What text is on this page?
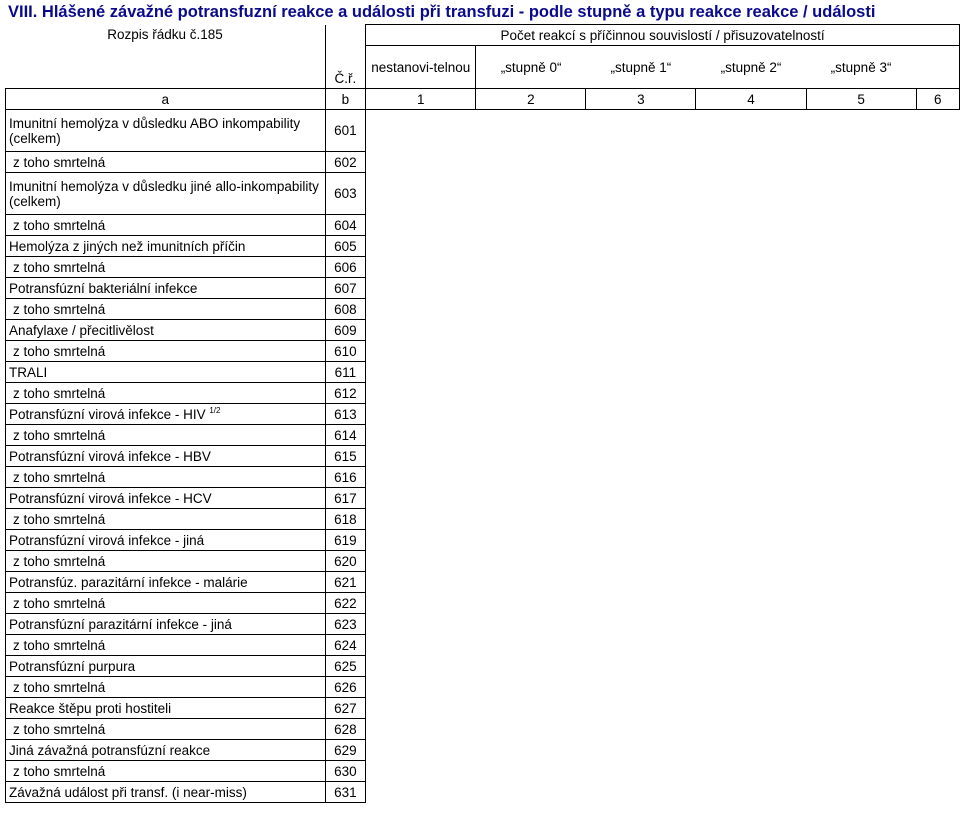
VIII. Hlášené závažné potransfuzní reakce a události při transfuzi - podle stupně a typu reakce reakce / události
Rozpis řádku č.185	Č.ř.	Počet reakcí s příčinnou souvislostí / přisuzovatelností					
		nestanovi-telnou	„stupně 0“	„stupně 1“	„stupně 2“	„stupně 3“	
a	b	1	2	3	4	5	6
Imunitní hemolýza v důsledku ABO inkompability (celkem)	601						
z toho smrtelná	602						
Imunitní hemolýza v důsledku jiné allo-inkompability (celkem)	603						
z toho smrtelná	604						
Hemolýza z jiných než imunitních příčin	605						
z toho smrtelná	606						
Potransfúzní bakteriální infekce	607						
z toho smrtelná	608						
Anafylaxe / přecitlivělost	609						
z toho smrtelná	610						
TRALI	611						
z toho smrtelná	612						
Potransfúzní virová infekce - HIV $^{1/2}$	613						
z toho smrtelná	614						
Potransfúzní virová infekce - HBV	615						
z toho smrtelná	616						
Potransfúzní virová infekce - HCV	617						
z toho smrtelná	618						
Potransfúzní virová infekce - jiná	619						
z toho smrtelná	620						
Potransfúz. parazitární infekce - malárie	621						
z toho smrtelná	622						
Potransfúzní parazitární infekce - jiná	623						
z toho smrtelná	624						
Potransfúzní purpura	625						
z toho smrtelná	626						
Reakce štěpu proti hostiteli	627						
z toho smrtelná	628						
Jiná závažná potransfúzní reakce	629						
z toho smrtelná	630						
Závažná událost při transf. (i near-miss)	631						
